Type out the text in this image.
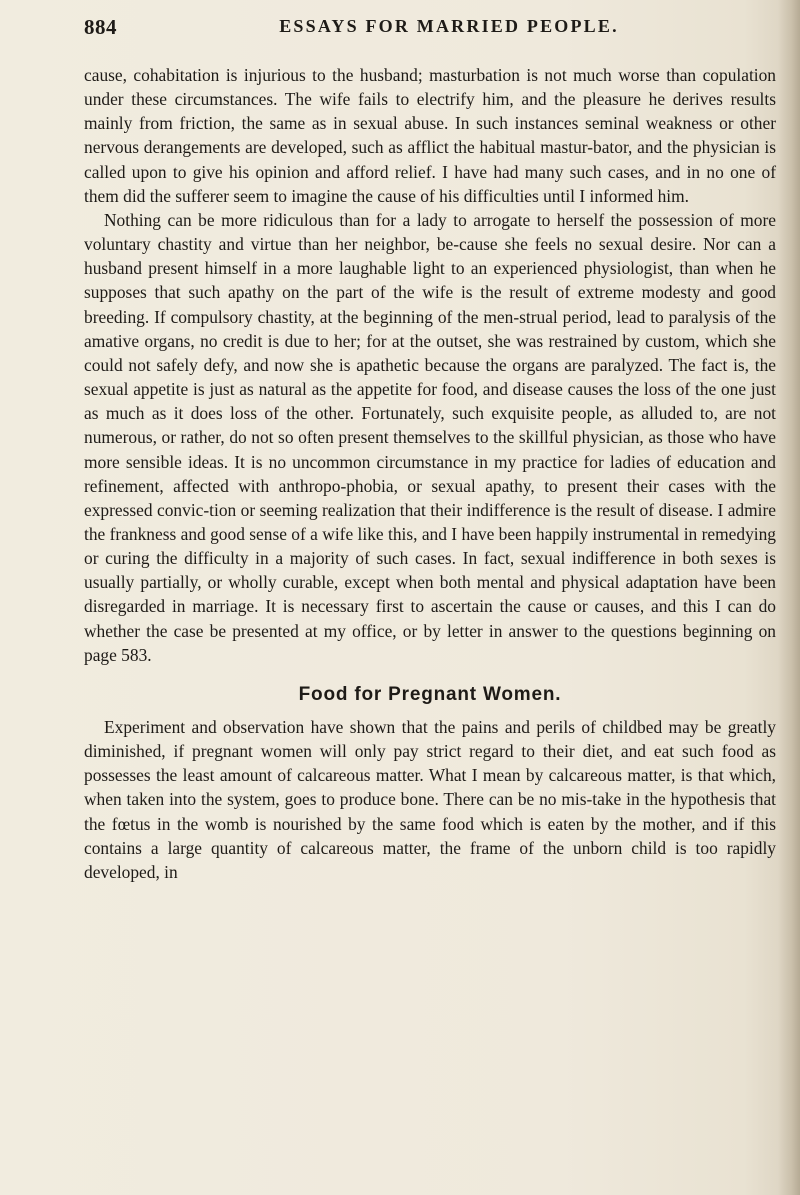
884	ESSAYS FOR MARRIED PEOPLE.

cause, cohabitation is injurious to the husband; masturbation is not much worse than copulation under these circumstances. The wife fails to electrify him, and the pleasure he derives results mainly from friction, the same as in sexual abuse. In such instances seminal weakness or other nervous derangements are developed, such as afflict the habitual mastur-bator, and the physician is called upon to give his opinion and afford relief. I have had many such cases, and in no one of them did the sufferer seem to imagine the cause of his difficulties until I informed him.

Nothing can be more ridiculous than for a lady to arrogate to herself the possession of more voluntary chastity and virtue than her neighbor, be-cause she feels no sexual desire. Nor can a husband present himself in a more laughable light to an experienced physiologist, than when he supposes that such apathy on the part of the wife is the result of extreme modesty and good breeding. If compulsory chastity, at the beginning of the men-strual period, lead to paralysis of the amative organs, no credit is due to her; for at the outset, she was restrained by custom, which she could not safely defy, and now she is apathetic because the organs are paralyzed. The fact is, the sexual appetite is just as natural as the appetite for food, and disease causes the loss of the one just as much as it does loss of the other. Fortunately, such exquisite people, as alluded to, are not numerous, or rather, do not so often present themselves to the skillful physician, as those who have more sensible ideas. It is no uncommon circumstance in my practice for ladies of education and refinement, affected with anthropo-phobia, or sexual apathy, to present their cases with the expressed convic-tion or seeming realization that their indifference is the result of disease. I admire the frankness and good sense of a wife like this, and I have been happily instrumental in remedying or curing the difficulty in a majority of such cases. In fact, sexual indifference in both sexes is usually partially, or wholly curable, except when both mental and physical adaptation have been disregarded in marriage. It is necessary first to ascertain the cause or causes, and this I can do whether the case be presented at my office, or by letter in answer to the questions beginning on page 583.

Food for Pregnant Women.

Experiment and observation have shown that the pains and perils of childbed may be greatly diminished, if pregnant women will only pay strict regard to their diet, and eat such food as possesses the least amount of calcareous matter. What I mean by calcareous matter, is that which, when taken into the system, goes to produce bone. There can be no mis-take in the hypothesis that the fœtus in the womb is nourished by the same food which is eaten by the mother, and if this contains a large quantity of calcareous matter, the frame of the unborn child is too rapidly developed, in
